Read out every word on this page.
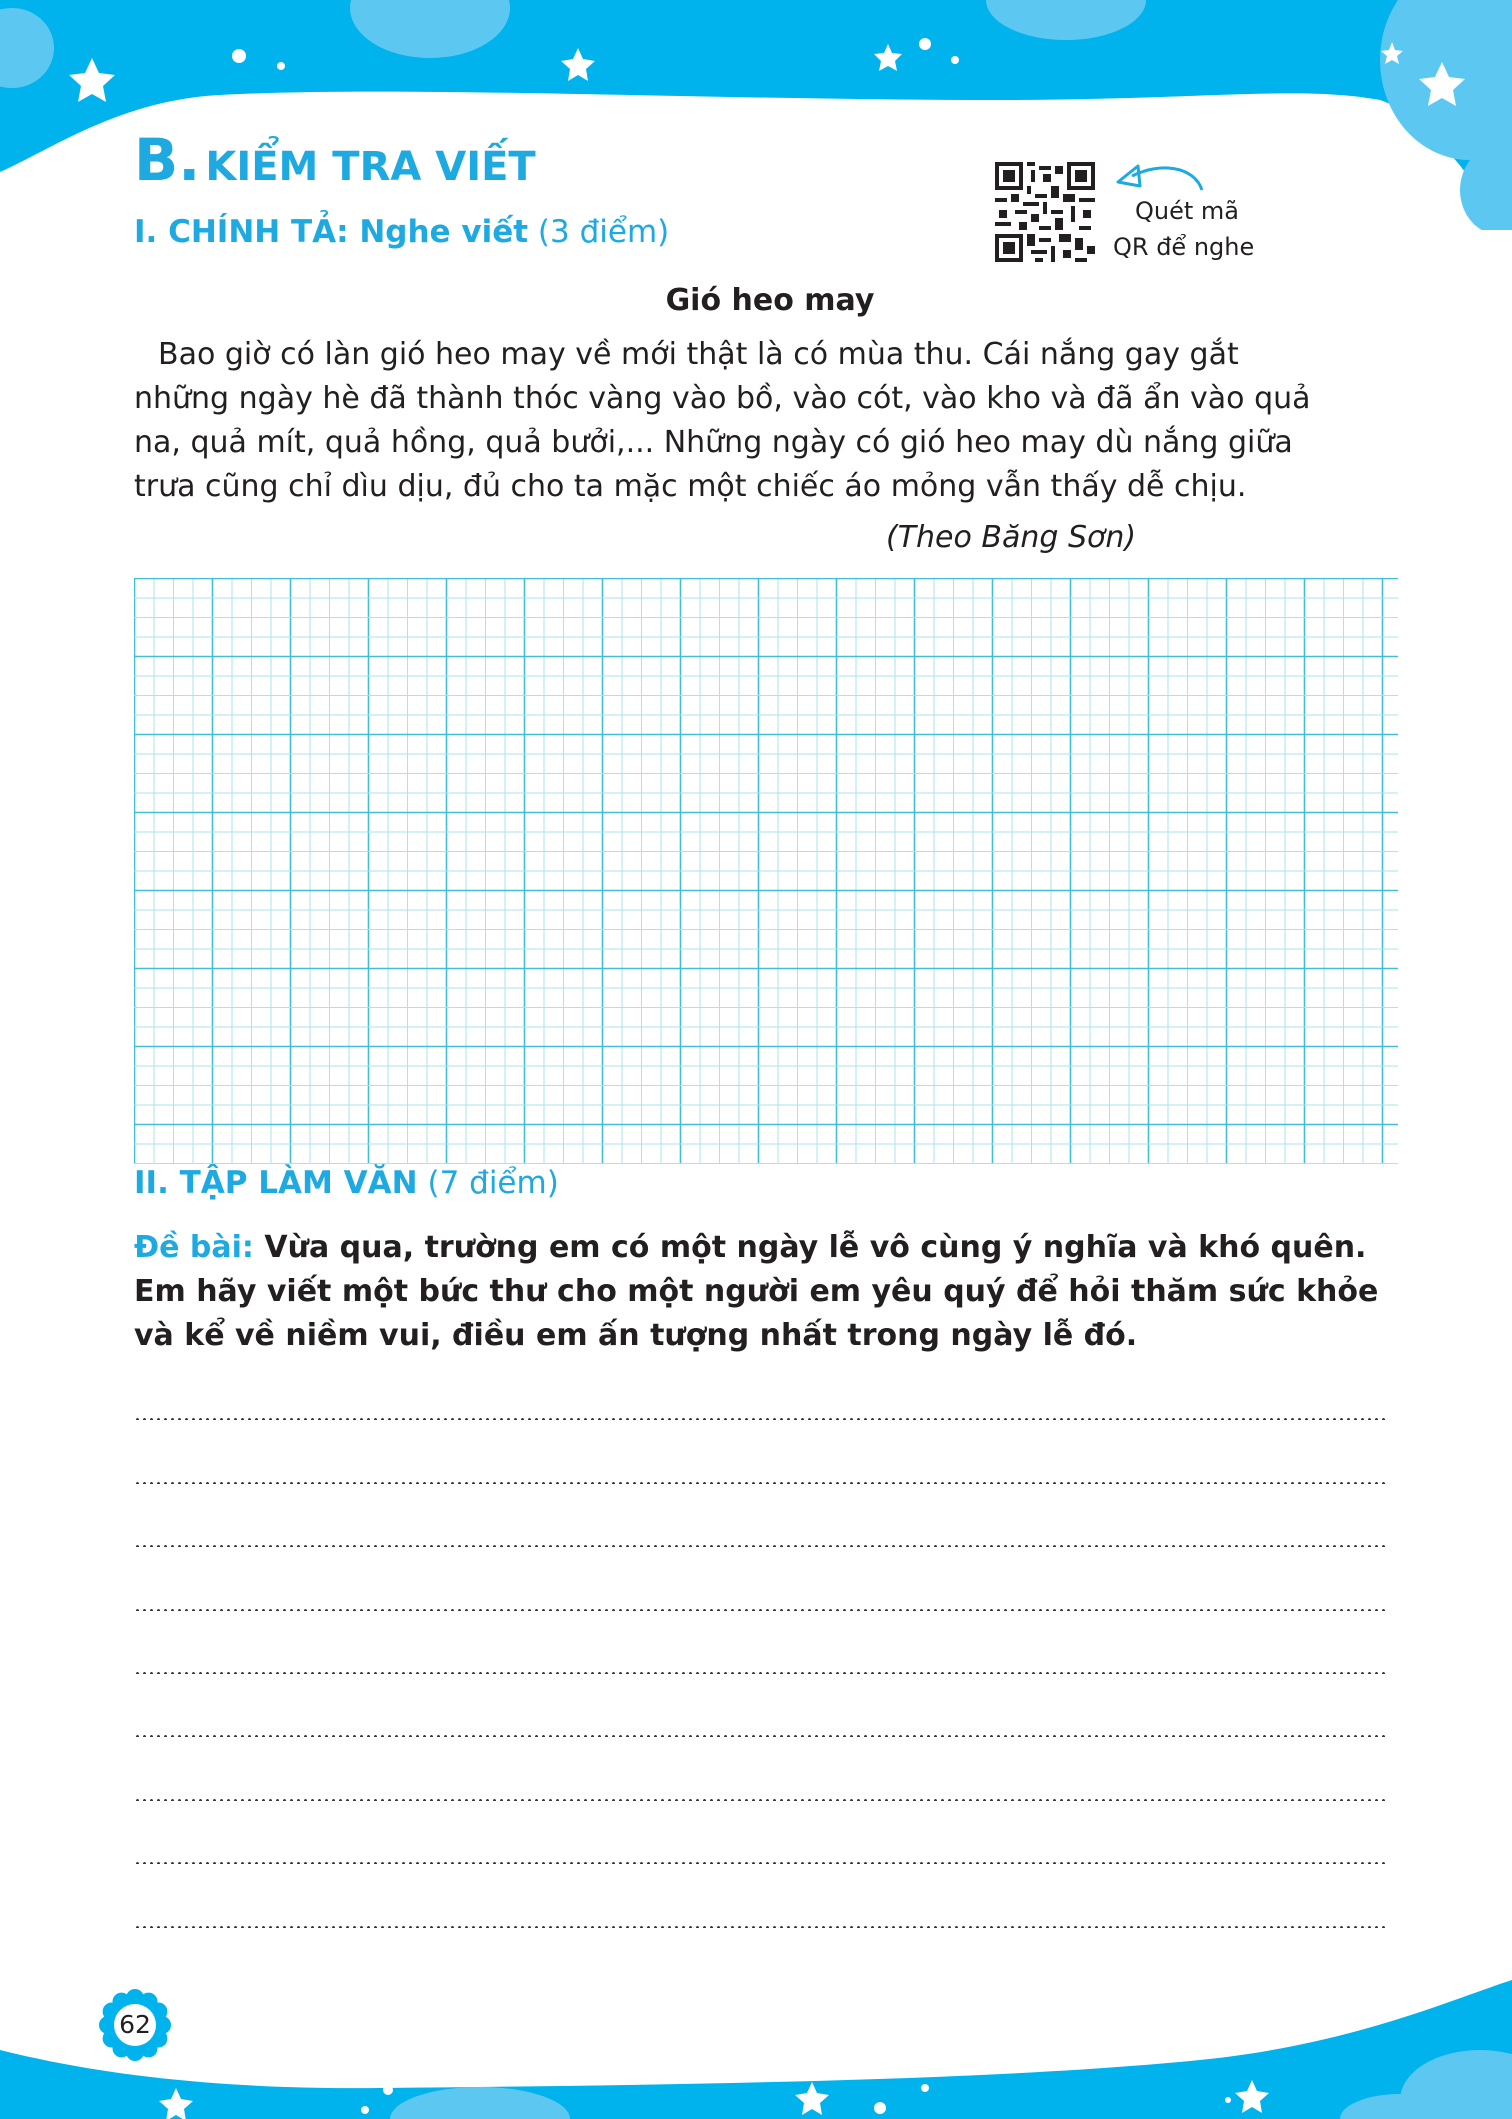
B. KIỂM TRA VIẾT
I. CHÍNH TẢ: Nghe viết (3 điểm)
Quét mã
QR để nghe
Gió heo may
Bao giờ có làn gió heo may về mới thật là có mùa thu. Cái nắng gay gắt
những ngày hè đã thành thóc vàng vào bồ, vào cót, vào kho và đã ẩn vào quả
na, quả mít, quả hồng, quả bưởi,... Những ngày có gió heo may dù nắng giữa
trưa cũng chỉ dìu dịu, đủ cho ta mặc một chiếc áo mỏng vẫn thấy dễ chịu.
(Theo Băng Sơn)
II. TẬP LÀM VĂN (7 điểm)
Đề bài: Vừa qua, trường em có một ngày lễ vô cùng ý nghĩa và khó quên. Em hãy viết một bức thư cho một người em yêu quý để hỏi thăm sức khỏe và kể về niềm vui, điều em ấn tượng nhất trong ngày lễ đó.
62
